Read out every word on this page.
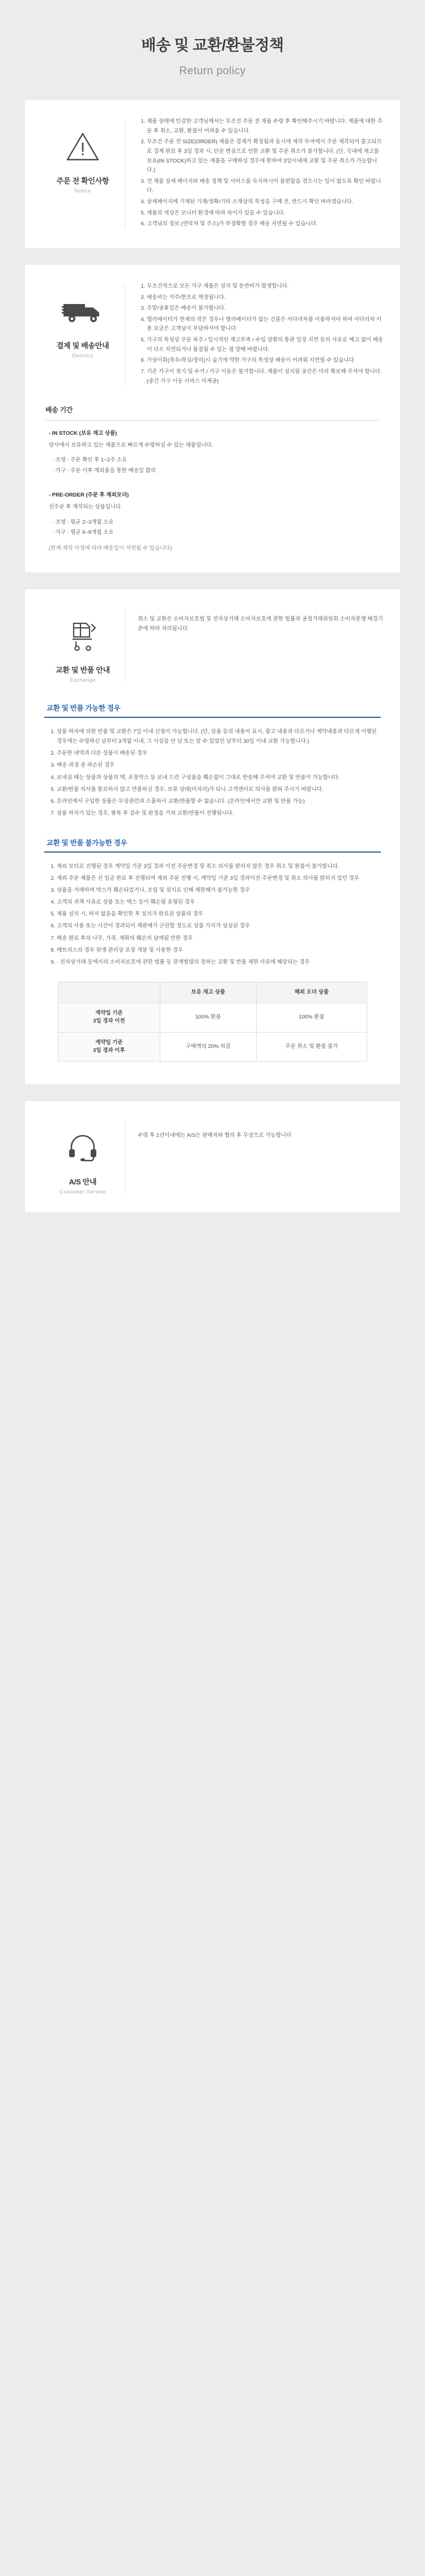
배송 및 교환/환불정책
Return policy
주문 전 확인사항
Notice
1. 제품 상태에 민감한 고객님께서는 무조건 주문 전 제품 수령 후 확인해주시기 바랍니다. 제품에 대한 주문 후 취소, 교환, 환불이 어려울 수 있습니다.
2. 무조건 주문 전 SIZE(ORDER) 제품은 결제가 확정됨과 동시에 제작 투여에서 주문 제작되어 출고되므로 결제 완료 후 3일 경과 시, 단순 변심으로 인한 교환 및 주문 취소가 불가합니다. (단, 국내에 재고를 보유(IN STOCK)하고 있는 제품을 구매하실 경우에 한하여 3일이내에 교환 및 주문 취소가 가능합니다.)
3. 전 제품 상세 페이지와 배송 정책 및 서비스를 숙지하시어 불편함을 겪으시는 일이 없도록 확인 바랍니다.
4. 상세페이지에 기재된 기재/정확/기타 소재상의 특성을 구매 전, 반드시 확인 바라겠습니다.
5. 제품의 색상은 모니터 환경에 따라 차이가 있을 수 있습니다.
6. 고객님의 정보 (연락처 및 주소)가 부정확할 경우 배송 지연될 수 있습니다.
결제 및 배송안내
Delivery
1. 무조건적으로 모든 가구 제품은 설치 및 운반비가 발생합니다.
2. 배송비는 거주/현조로 책정됩니다.
3. 주말/공휴일은 배송이 불가합니다.
4. 엘리베이터가 현재의 작은 경우나 엘리베이터가 없는 건물은 사다리차를 이용하셔야 하며 사다리차 이용 요금은 고객님이 부담하셔야 합니다.
5. 가구의 특성상 주문 폭주 / 일시적인 재고부족 / 수입 상황의 통관 일정 지연 등의 사유로 예고 없이 배송이 다소 지연되거나 품절될 수 있는 점 양해 바랍니다.
6. 가상이화(목우/목실/장의)시 습기에 약한 가구의 특성상 배송이 어려워 지연될 수 있습니다.
7. 기존 가구이 첫기 및 수거 / 가구 이동은 불가합니다. 제품이 설치될 공간은 미리 확보해 주셔야 합니다. (중간 가구 이동 서비스 미제공)
배송 기간
- IN STOCK (보유 재고 상품)
당사에서 보유하고 있는 제품으로 빠르게 수령하실 수 있는 제품입니다.
· 조명 : 주문 확인 후 1~2주 소요
· 가구 : 주문 이후 제외품을 통한 배송일 함의
- PRE-ORDER (주문 후 제외모더)
선주문 후 제작되는 상품입니다.
· 조명 : 평균 2~3개월 소요
· 가구 : 평균 6~8개월 소요
(현재 제작 사정에 따라 배송일이 지연될 수 있습니다)
교환 및 반품 안내
Exchange
취소 및 교환은 소비자보호법 및 전자상거래 소비자보호에 관한 법률과 공정거래위원회 소비자분쟁 해결기준에 따라 처리됩니다.
교환 및 반품 가능한 경우
1. 상품 하자에 의한 반품 및 교환은 7일 이내 신청이 가능합니다. (단, 상품 등의 내용이 표시, 광고 내용과 다르거나 계약내용과 다르게 이행된 경우에는 수령하신 날부터 3개월 이내, 그 사실을 안 날 또는 알 수 있었던 날부터 30일 이내 교환 가능합니다.)
2. 주문한 내역과 다른 상품이 배송된 경우
3. 배송 과정 중 파손된 경우
4. 보내실 때는 상품과 상품의 택, 포장박스 등 보내 드린 구성품을 훼손없이 그대로 반송해 주셔야 교환 및 반품이 가능합니다.
5. 교환/반품 의사를 통보하지 않고 반품하실 경우, 보류 상태(미처리)가 되니 고객센터로 의사를 밝혀 주시기 바랍니다.
6. 온라인에서 구입한 상품은 무상관련과 소홀하시 교환/반품할 수 없습니다. (온라인에서만 교환 및 반품 가능)
7. 상품 하자가 있는 경우, 왕복 후 검수 및 판정을 거쳐 교환/반품이 진행됩니다.
교환 및 반품 불가능한 경우
1. 제외 모더로 진행된 경우 계약일 기준 3일 경과 이전 주문변경 및 취소 의사를 밝히지 않은 경우 취소 및 환불이 불가합니다.
2. 제외 주문 제품은 선 입금 완료 후 진행되며 제외 주문 진행 시, 계약일 기준 3일 경과이전 주문변경 및 취소 의사를 밝히지 있던 경우
3. 상품을 거래하며 박스가 훼손되었거나, 조립 및 설치로 인해 제한해가 불가능한 경우
4. 고객의 귀책 사유로 상품 또는 택스 등이 훼손될 유형된 경우
5. 제품 설치 시, 하자 없음을 확인한 후 설치가 완료된 상품의 경우
6. 고객의 사용 또는 시간이 경과되어 재판매가 곤란할 정도로 상품 가치가 상실된 경우
7. 배송 완료 후의 나무, 가죽, 재화의 훼손의 남애됨 만한 경우
8. 메트리스의 경우 위생 관리상 포장 개봉 및 사용한 경우
9. · 전자상거래 등에서의 소비자보호에 관한 법률 등 관계법령의 정하는 교환 및 반품 제한 사유에 해당되는 경우
	보유 재고 상품	해외 오더 상품
계약일 기준
3일 경과 이전	100% 환불	100% 환불
계약일 기준
3일 경과 이후	구매액의 20% 차감	주문 취소 및 환불 불가
A/S 안내
Customer Service
수령 후 1년이내에는 A/S는 판매자와 협의 후 무상으로 가능합니다
